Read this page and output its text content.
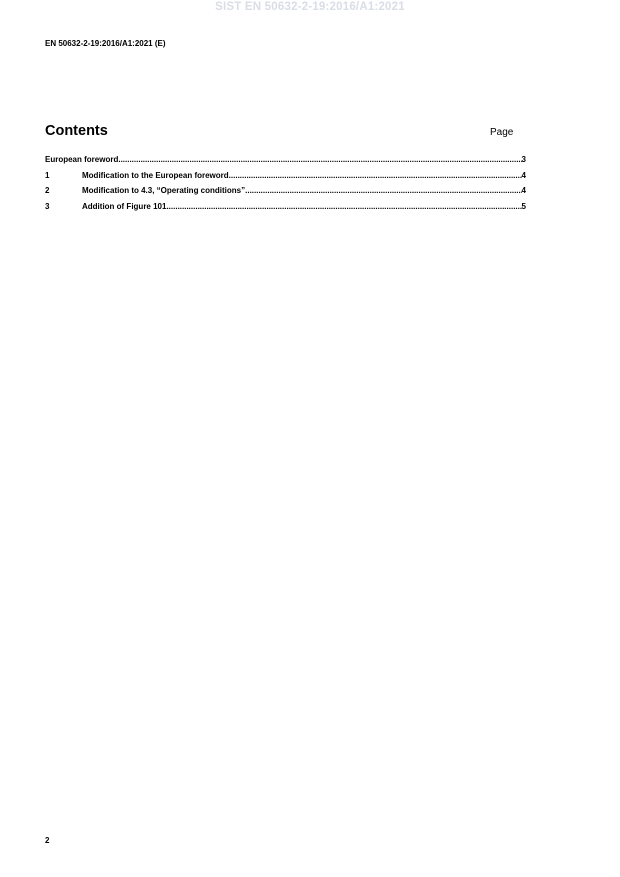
SIST EN 50632-2-19:2016/A1:2021
EN 50632-2-19:2016/A1:2021 (E)
Contents	Page
European foreword .....	3
1	Modification to the European foreword .....	4
2	Modification to 4.3, “Operating conditions” .....	4
3	Addition of Figure 101 .....	5
2
